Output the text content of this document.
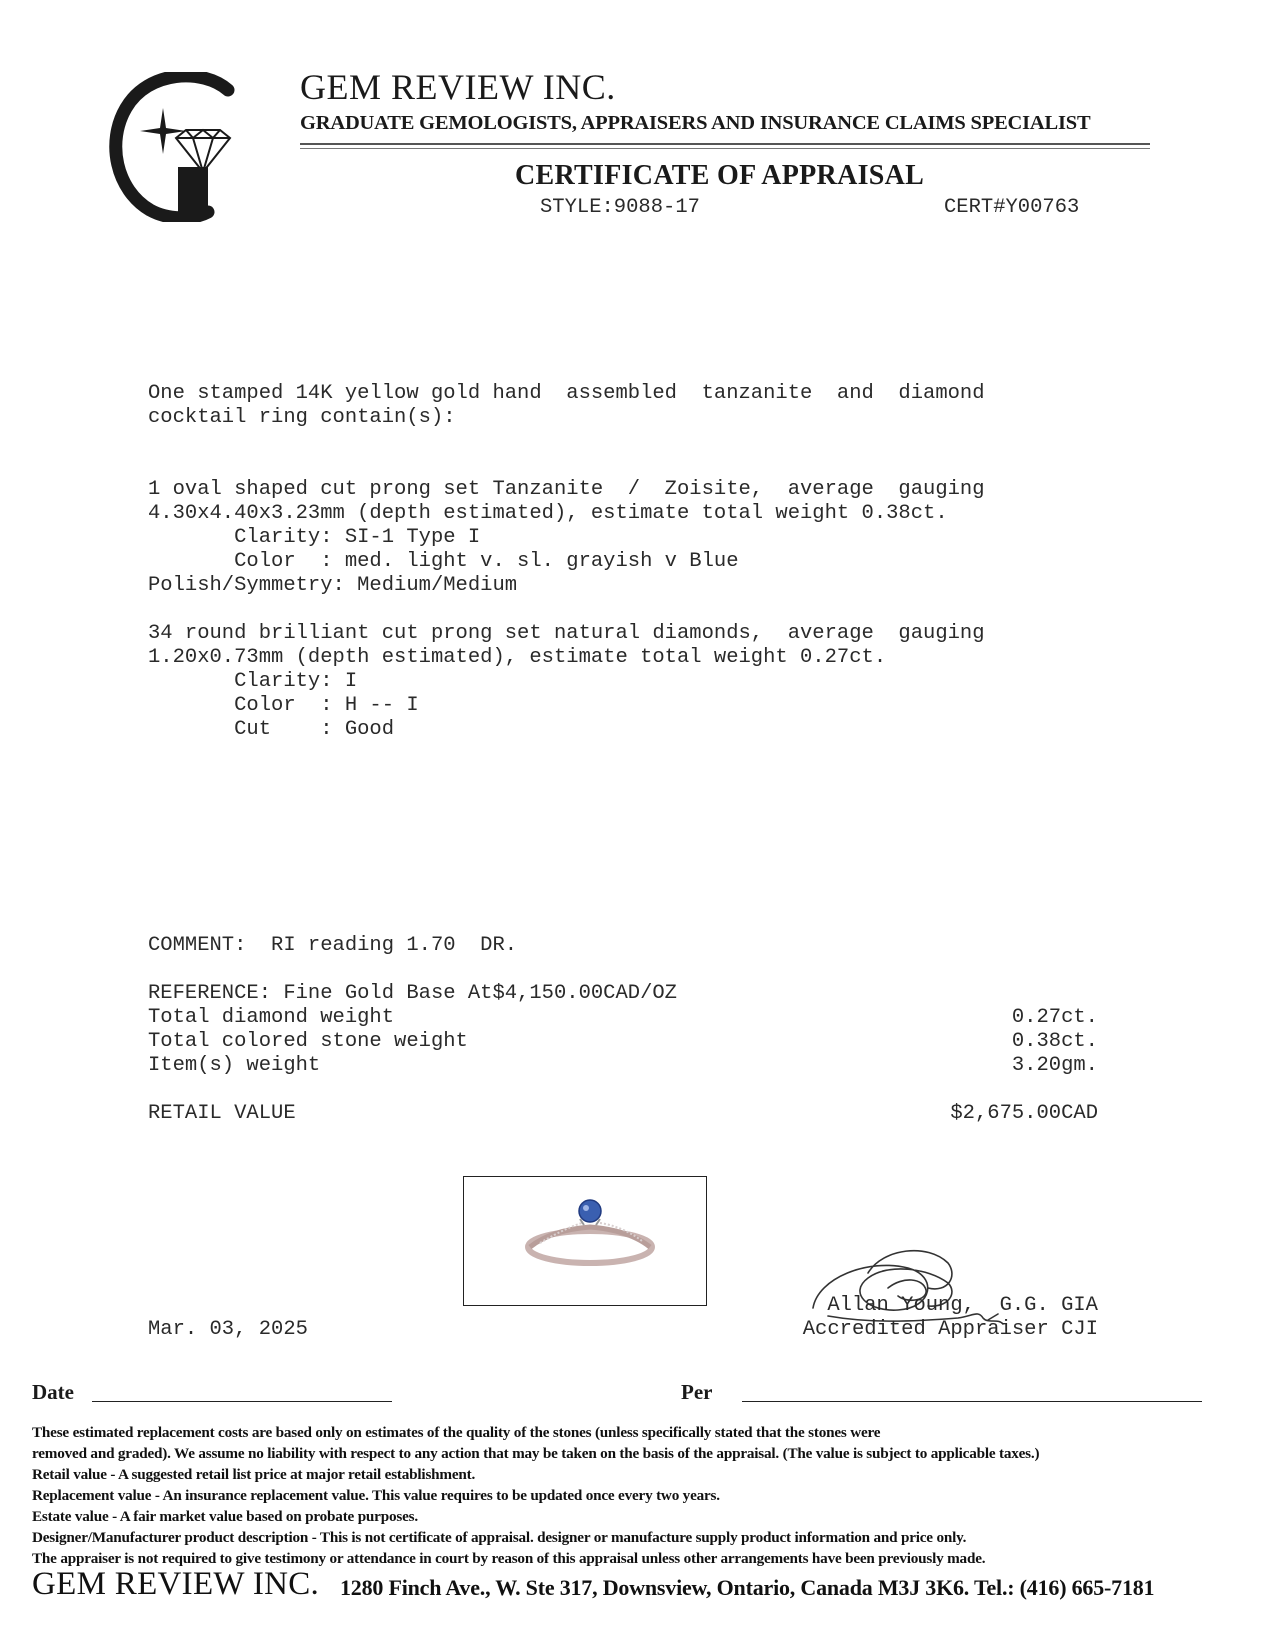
GEM REVIEW INC.
GRADUATE GEMOLOGISTS, APPRAISERS AND INSURANCE CLAIMS SPECIALIST
CERTIFICATE OF APPRAISAL
STYLE:9088-17	CERT#Y00763
One stamped 14K yellow gold hand  assembled  tanzanite  and  diamond
cocktail ring contain(s):
1 oval shaped cut prong set Tanzanite  /  Zoisite,  average  gauging
4.30x4.40x3.23mm (depth estimated), estimate total weight 0.38ct.
Clarity: SI-1 Type I
Color  : med. light v. sl. grayish v Blue
Polish/Symmetry: Medium/Medium
34 round brilliant cut prong set natural diamonds,  average  gauging
1.20x0.73mm (depth estimated), estimate total weight 0.27ct.
Clarity: I
Color  : H -- I
Cut    : Good
COMMENT:  RI reading 1.70  DR.
REFERENCE: Fine Gold Base At$4,150.00CAD/OZ
Total diamond weight	0.27ct.
Total colored stone weight	0.38ct.
Item(s) weight	3.20gm.
RETAIL VALUE	$2,675.00CAD
Mar. 03, 2025
Allan Young,  G.G. GIA
Accredited Appraiser CJI
Date	Per
These estimated replacement costs are based only on estimates of the quality of the stones (unless specifically stated that the stones were
removed and graded). We assume no liability with respect to any action that may be taken on the basis of the appraisal. (The value is subject to applicable taxes.)
Retail value - A suggested retail list price at major retail establishment.
Replacement value - An insurance replacement value. This value requires to be updated once every two years.
Estate value - A fair market value based on probate purposes.
Designer/Manufacturer product description - This is not certificate of appraisal. designer or manufacture supply product information and price only.
The appraiser is not required to give testimony or attendance in court by reason of this appraisal unless other arrangements have been previously made.
GEM REVIEW INC. 1280 Finch Ave., W. Ste 317, Downsview, Ontario, Canada M3J 3K6. Tel.: (416) 665-7181
